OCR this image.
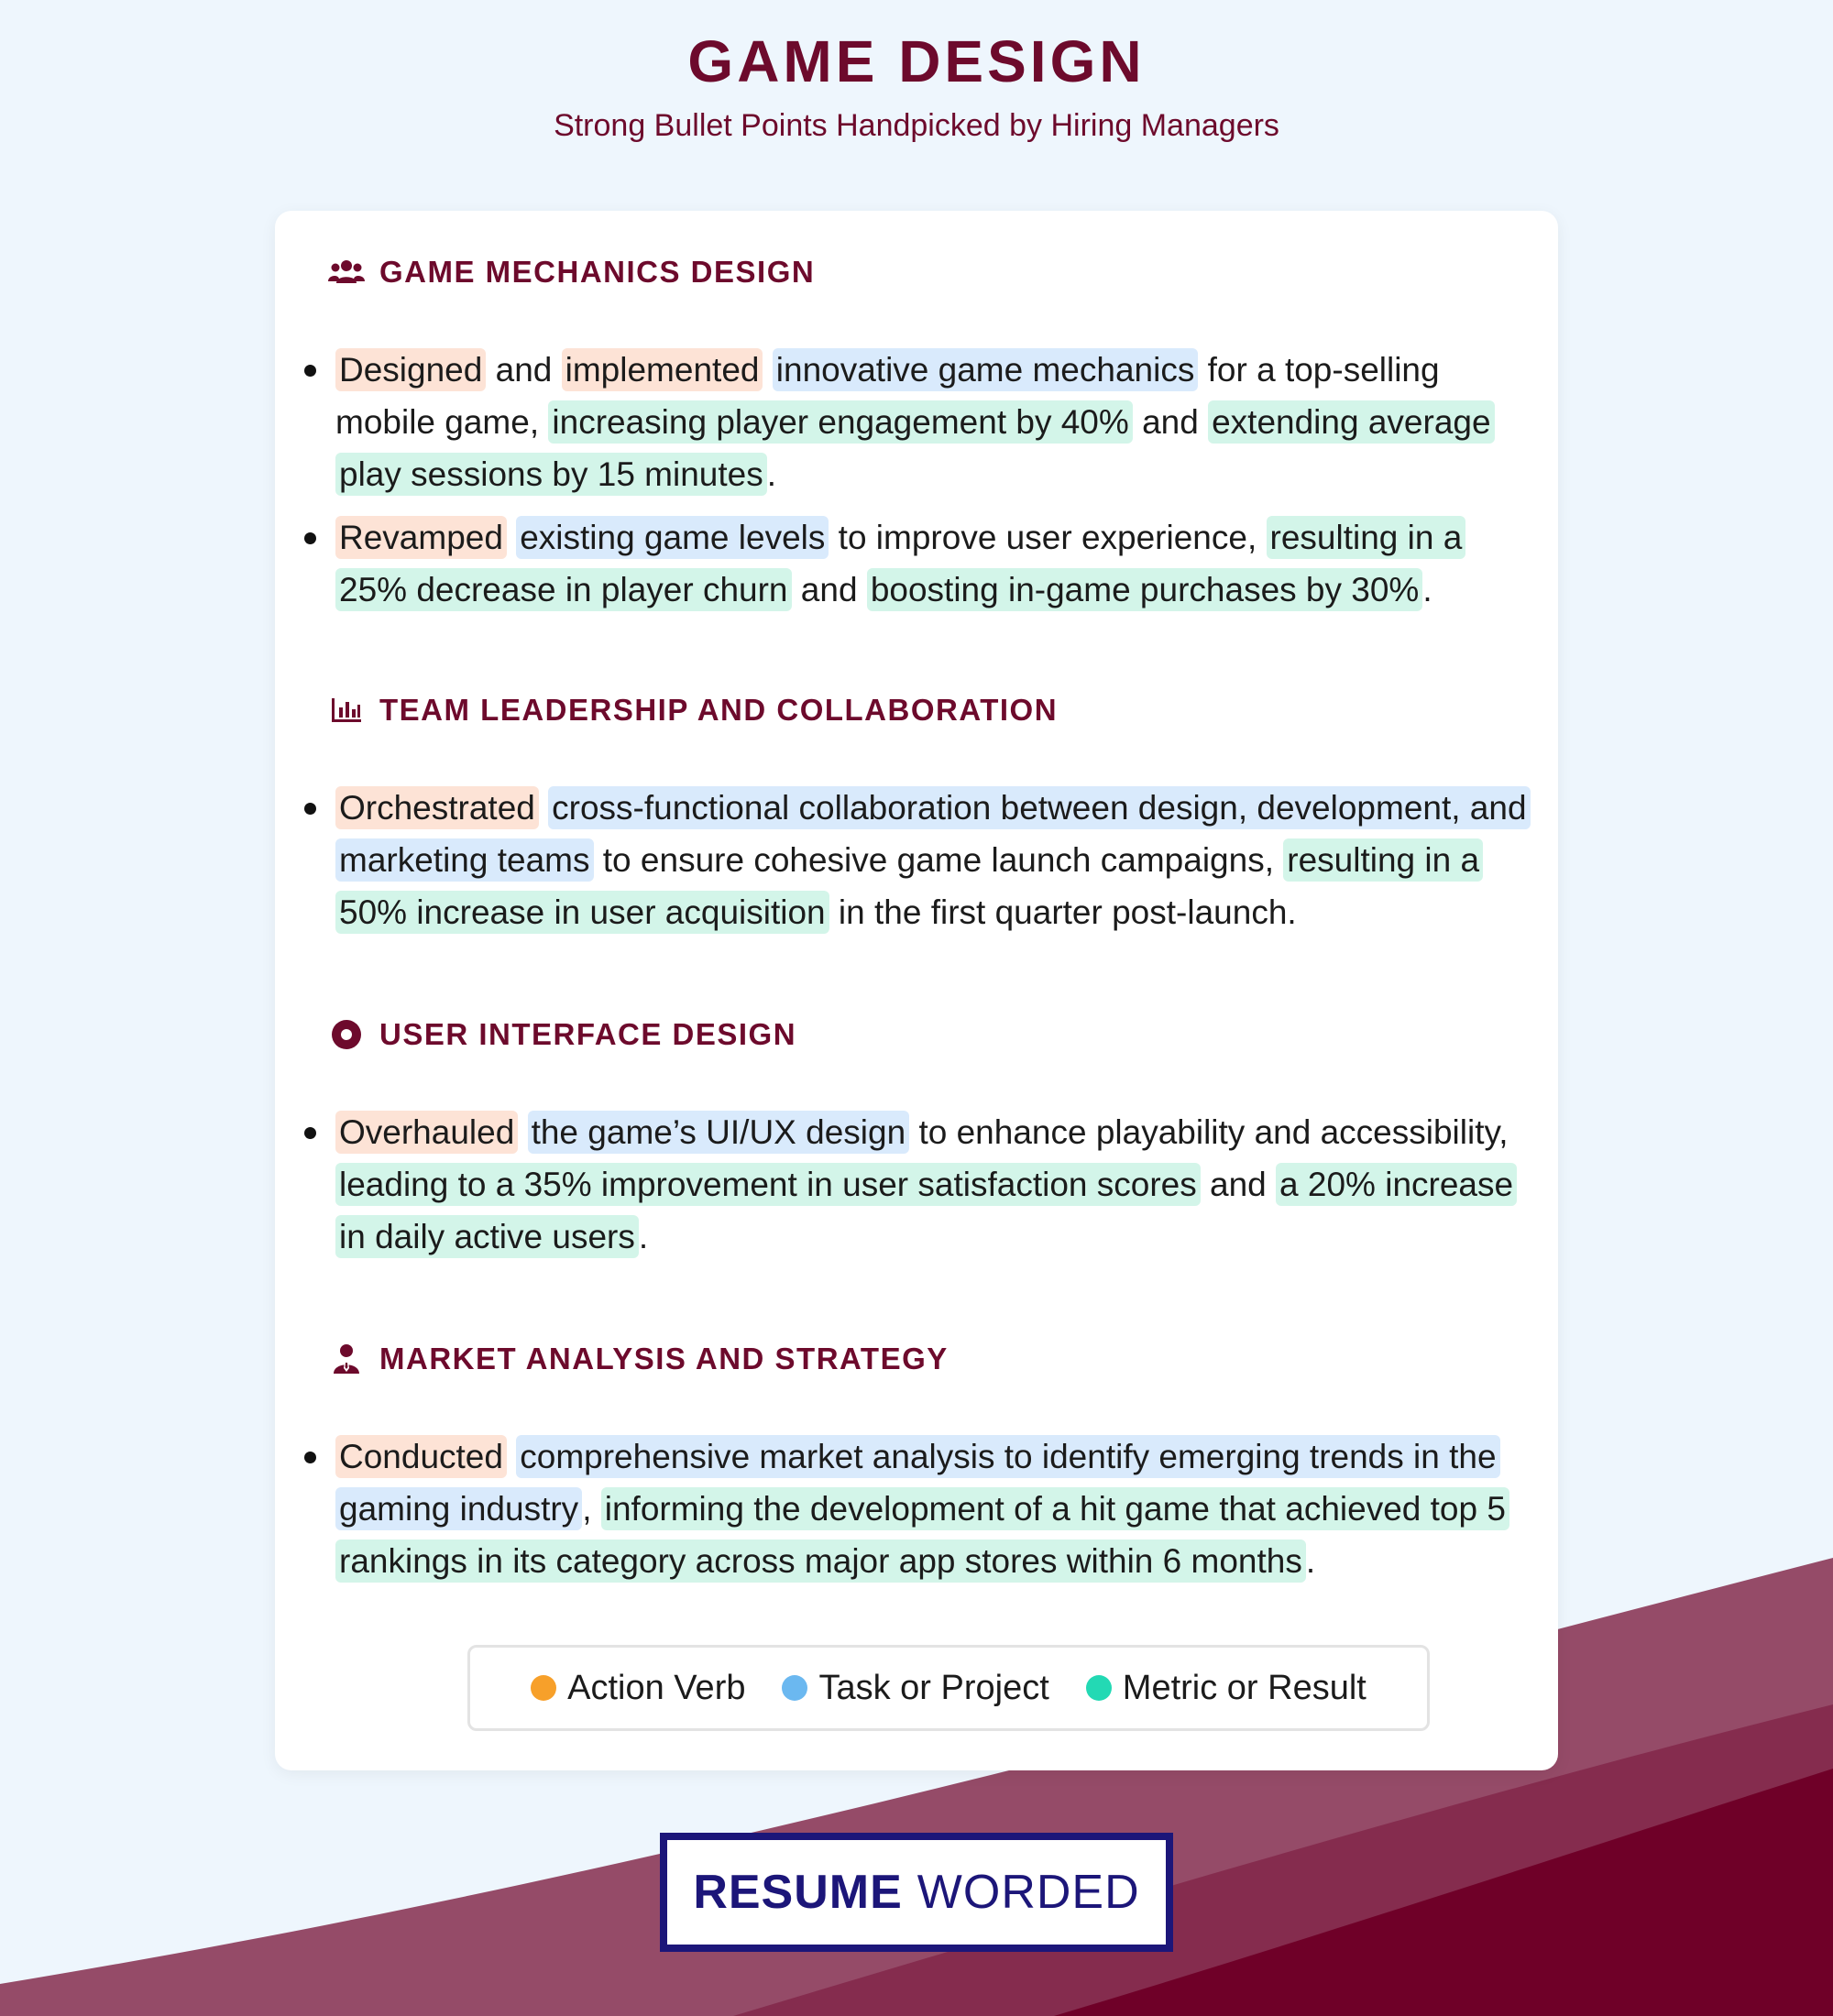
GAME DESIGN
Strong Bullet Points Handpicked by Hiring Managers
GAME MECHANICS DESIGN
Designed and implemented innovative game mechanics for a top-selling mobile game, increasing player engagement by 40% and extending average play sessions by 15 minutes .
Revamped existing game levels to improve user experience, resulting in a 25% decrease in player churn and boosting in-game purchases by 30% .
TEAM LEADERSHIP AND COLLABORATION
Orchestrated cross-functional collaboration between design, development, and marketing teams to ensure cohesive game launch campaigns, resulting in a 50% increase in user acquisition in the first quarter post-launch.
USER INTERFACE DESIGN
Overhauled the game’s UI/UX design to enhance playability and accessibility, leading to a 35% improvement in user satisfaction scores and a 20% increase in daily active users .
MARKET ANALYSIS AND STRATEGY
Conducted comprehensive market analysis to identify emerging trends in the gaming industry , informing the development of a hit game that achieved top 5 rankings in its category across major app stores within 6 months .
Action Verb Task or Project Metric or Result
RESUME WORDED
